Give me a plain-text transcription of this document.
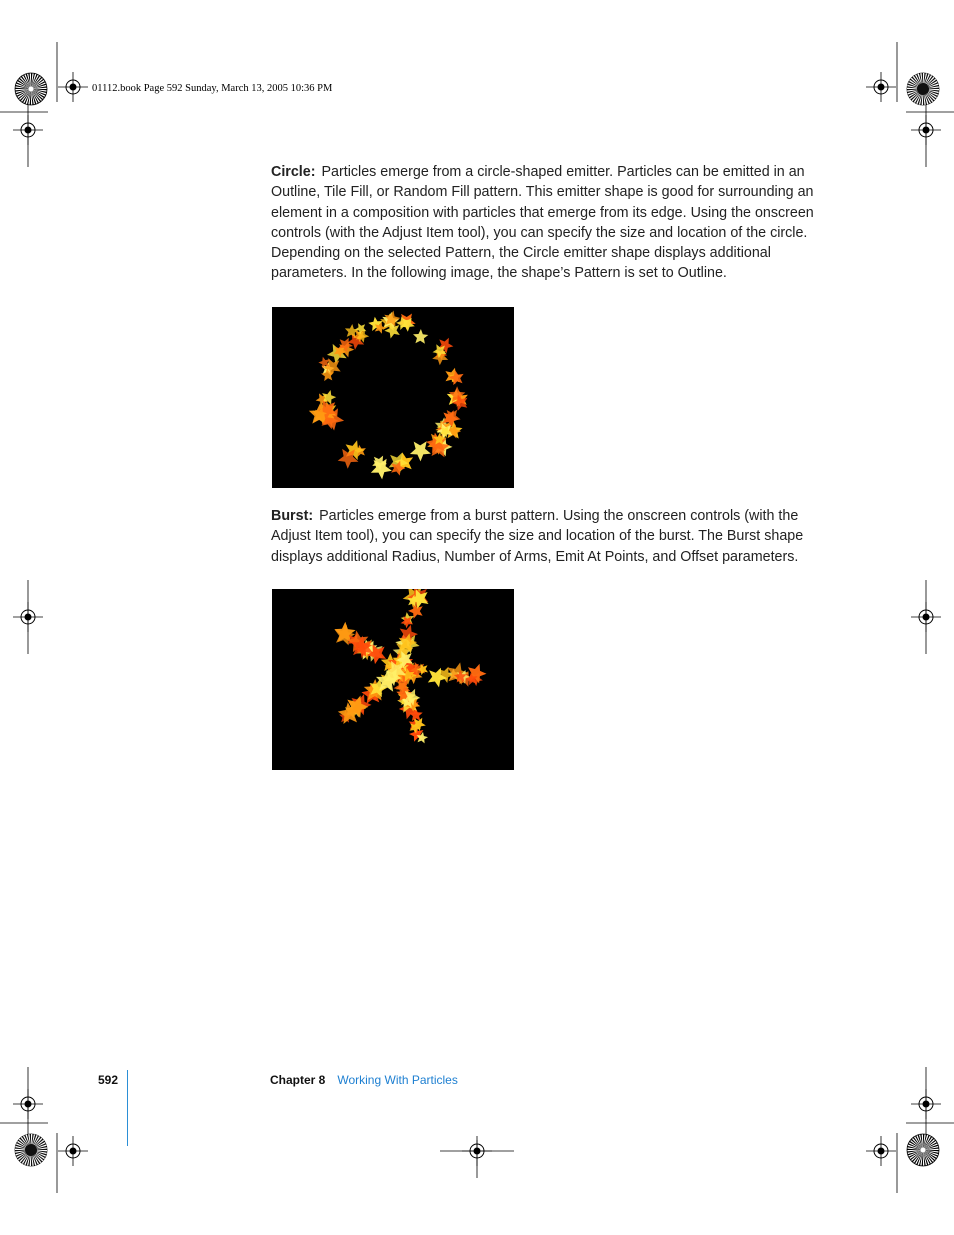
01112.book Page 592 Sunday, March 13, 2005 10:36 PM

Circle: Particles emerge from a circle-shaped emitter. Particles can be emitted in an Outline, Tile Fill, or Random Fill pattern. This emitter shape is good for surrounding an element in a composition with particles that emerge from its edge. Using the onscreen controls (with the Adjust Item tool), you can specify the size and location of the circle. Depending on the selected Pattern, the Circle emitter shape displays additional parameters. In the following image, the shape’s Pattern is set to Outline.

Burst: Particles emerge from a burst pattern. Using the onscreen controls (with the Adjust Item tool), you can specify the size and location of the burst. The Burst shape displays additional Radius, Number of Arms, Emit At Points, and Offset parameters.

592	Chapter 8 Working With Particles
